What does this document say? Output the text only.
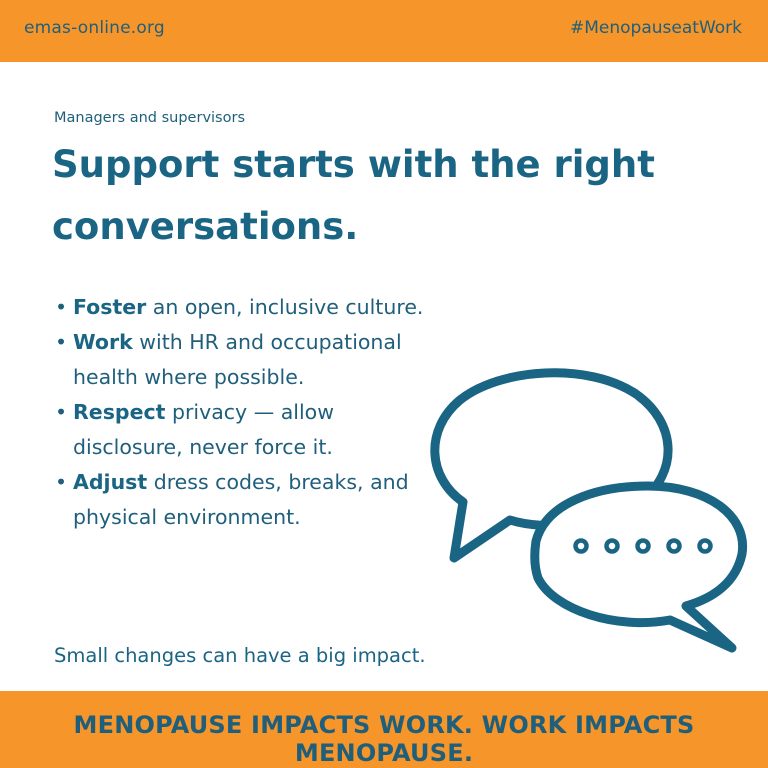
emas-online.org	#MenopauseatWork
Managers and supervisors
Support starts with the right conversations.
• Foster an open, inclusive culture.
• Work with HR and occupational health where possible.
• Respect privacy — allow disclosure, never force it.
• Adjust dress codes, breaks, and physical environment.
Small changes can have a big impact.
MENOPAUSE IMPACTS WORK. WORK IMPACTS MENOPAUSE.
